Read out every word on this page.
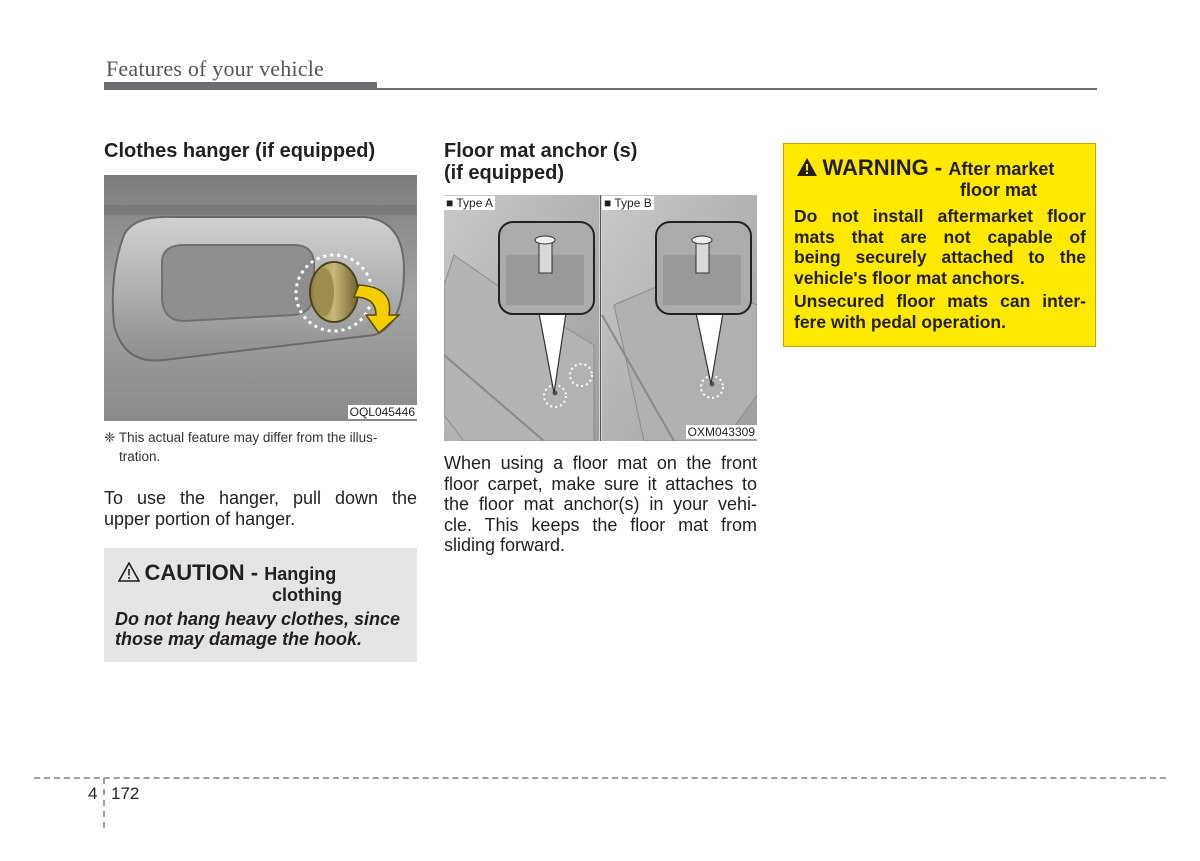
Features of your vehicle
Clothes hanger (if equipped)
OQL045446
❈ This actual feature may differ from the illus-
tration.
To use the hanger, pull down the
upper portion of hanger.
CAUTION - Hanging
clothing
Do not hang heavy clothes, since
those may damage the hook.
Floor mat anchor (s)
(if equipped)
■ Type A	■ Type B
OXM043309
When using a floor mat on the front
floor carpet, make sure it attaches to
the floor mat anchor(s) in your vehi-
cle. This keeps the floor mat from
sliding forward.
WARNING - After market
floor mat
Do not install aftermarket floor
mats that are not capable of
being securely attached to the
vehicle's floor mat anchors.
Unsecured floor mats can inter-
fere with pedal operation.
4 172
